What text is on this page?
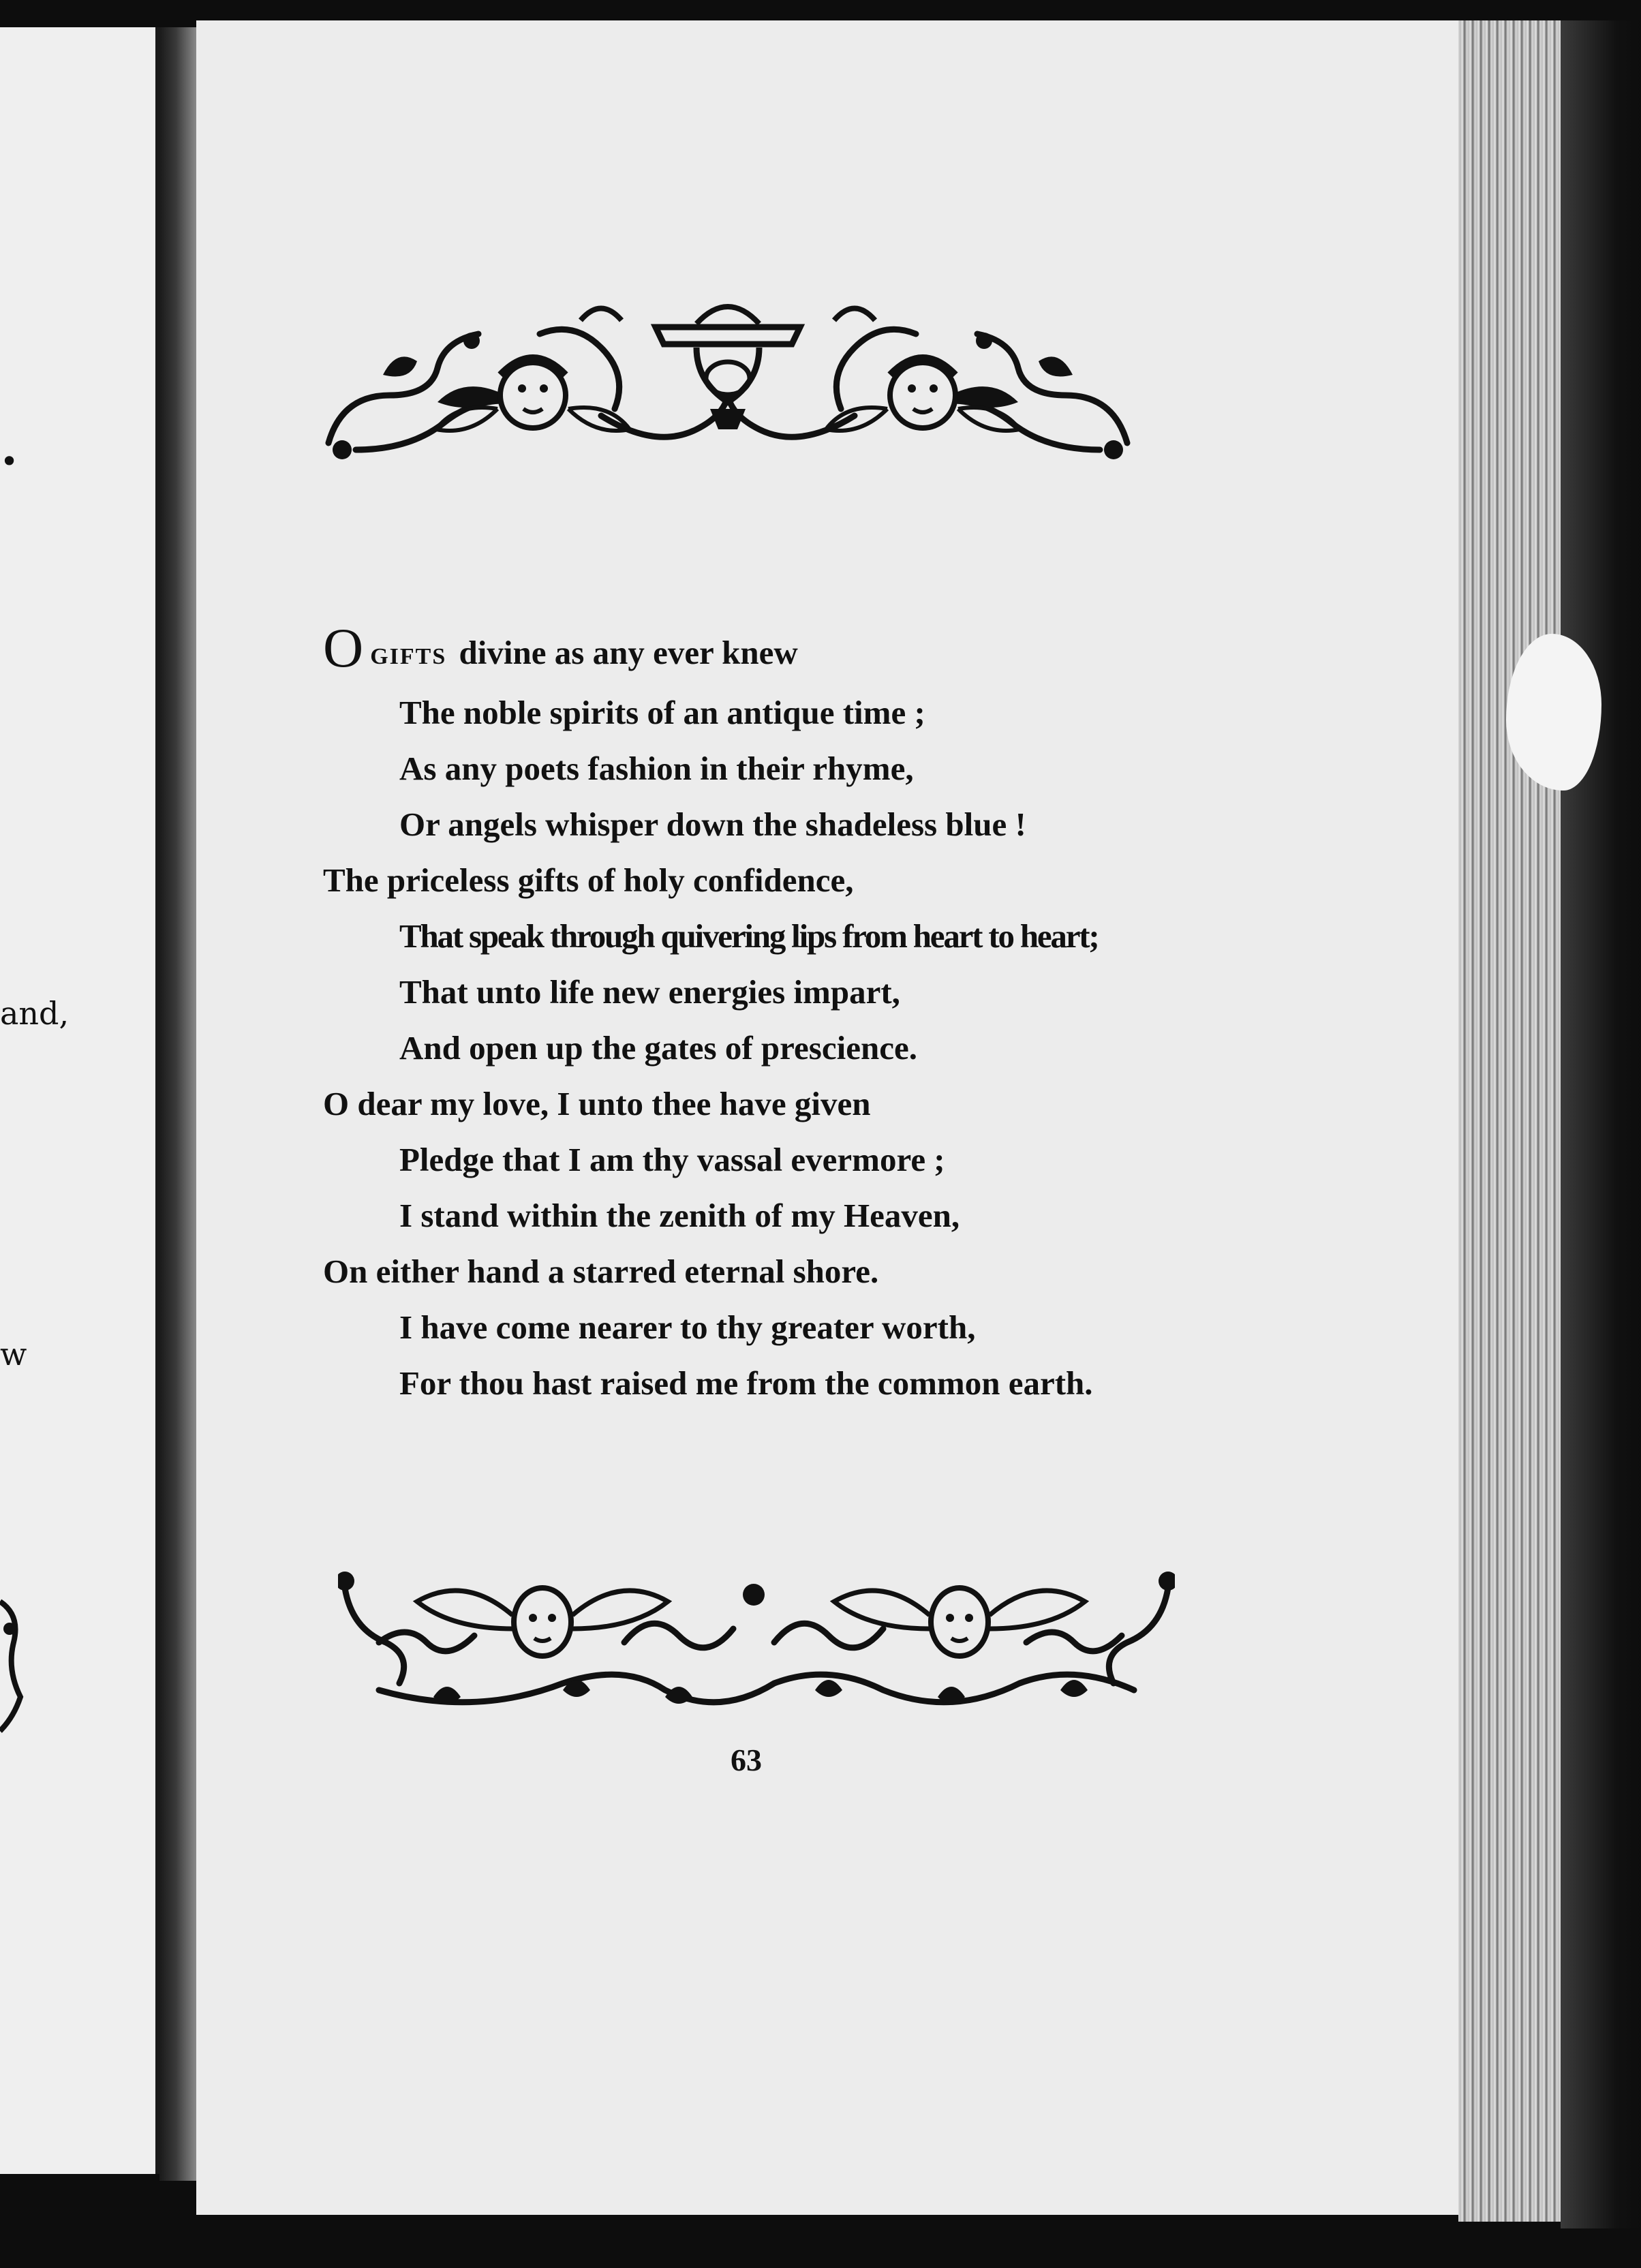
•
and,
w
OGIFTS divine as any ever knew
The noble spirits of an antique time ;
As any poets fashion in their rhyme,
Or angels whisper down the shadeless blue !
The priceless gifts of holy confidence,
That speak through quivering lips from heart to heart;
That unto life new energies impart,
And open up the gates of prescience.
O dear my love, I unto thee have given
Pledge that I am thy vassal evermore ;
I stand within the zenith of my Heaven,
On either hand a starred eternal shore.
I have come nearer to thy greater worth,
For thou hast raised me from the common earth.
63
